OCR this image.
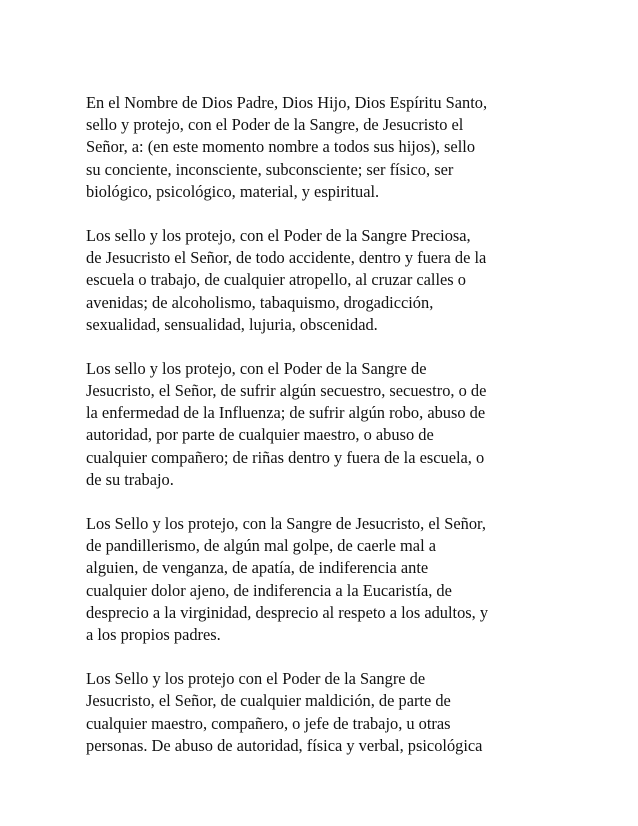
En el Nombre de Dios Padre, Dios Hijo, Dios Espíritu Santo,
sello y protejo, con el Poder de la Sangre, de Jesucristo el
Señor, a: (en este momento nombre a todos sus hijos), sello
su conciente, inconsciente, subconsciente; ser físico, ser
biológico, psicológico, material, y espiritual.

Los sello y los protejo, con el Poder de la Sangre Preciosa,
de Jesucristo el Señor, de todo accidente, dentro y fuera de la
escuela o trabajo, de cualquier atropello, al cruzar calles o
avenidas; de alcoholismo, tabaquismo, drogadicción,
sexualidad, sensualidad, lujuria, obscenidad.

Los sello y los protejo, con el Poder de la Sangre de
Jesucristo, el Señor, de sufrir algún secuestro, secuestro, o de
la enfermedad de la Influenza; de sufrir algún robo, abuso de
autoridad, por parte de cualquier maestro, o abuso de
cualquier compañero; de riñas dentro y fuera de la escuela, o
de su trabajo.

Los Sello y los protejo, con la Sangre de Jesucristo, el Señor,
de pandillerismo, de algún mal golpe, de caerle mal a
alguien, de venganza, de apatía, de indiferencia ante
cualquier dolor ajeno, de indiferencia a la Eucaristía, de
desprecio a la virginidad, desprecio al respeto a los adultos, y
a los propios padres.

Los Sello y los protejo con el Poder de la Sangre de
Jesucristo, el Señor, de cualquier maldición, de parte de
cualquier maestro, compañero, o jefe de trabajo, u otras
personas. De abuso de autoridad, física y verbal, psicológica
